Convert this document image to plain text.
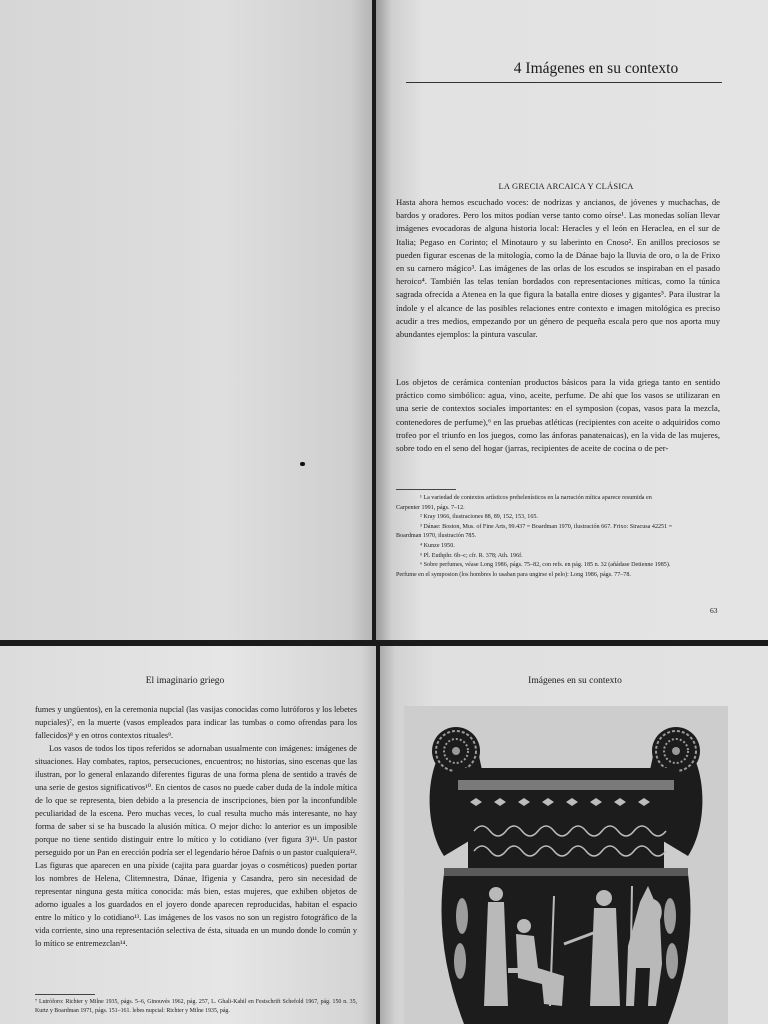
4 Imágenes en su contexto
LA GRECIA ARCAICA Y CLÁSICA
Hasta ahora hemos escuchado voces: de nodrizas y ancianos, de jóvenes y muchachas, de bardos y oradores. Pero los mitos podían verse tanto como oírse¹. Las monedas solían llevar imágenes evocadoras de alguna historia local: Heracles y el león en Heraclea, en el sur de Italia; Pegaso en Corinto; el Minotauro y su laberinto en Cnoso². En anillos preciosos se pueden figurar escenas de la mitología, como la de Dánae bajo la lluvia de oro, o la de Frixo en su carnero mágico³. Las imágenes de las orlas de los escudos se inspiraban en el pasado heroico⁴. También las telas tenían bordados con representaciones míticas, como la túnica sagrada ofrecida a Atenea en la que figura la batalla entre dioses y gigantes⁵. Para ilustrar la índole y el alcance de las posibles relaciones entre contexto e imagen mitológica es preciso acudir a tres medios, empezando por un género de pequeña escala pero que nos aporta muy abundantes ejemplos: la pintura vascular.
Los objetos de cerámica contenían productos básicos para la vida griega tanto en sentido práctico como simbólico: agua, vino, aceite, perfume. De ahí que los vasos se utilizaran en una serie de contextos sociales importantes: en el symposion (copas, vasos para la mezcla, contenedores de perfume),⁶ en las pruebas atléticas (recipientes con aceite o adquiridos como trofeo por el triunfo en los juegos, como las ánforas panatenaicas), en la vida de las mujeres, sobre todo en el seno del hogar (jarras, recipientes de aceite de cocina o de per-
¹ La variedad de contextos artísticos prehelenísticos en la narración mítica aparece resumida en
Carpenter 1991, págs. 7–12.
² Kray 1966, ilustraciones 88, 89, 152, 153, 165.
³ Dánae: Boston, Mus. of Fine Arts, 99.437 = Boardman 1970, ilustración 667. Frixo: Siracusa 42251 =
Boardman 1970, ilustración 785.
⁴ Kunze 1950.
⁵ Pl. Euthphr. 6b–c; cfr. R. 378; Ath. 196f.
⁶ Sobre perfumes, véase Long 1986, págs. 75–82, con refs. en pág. 185 n. 32 (añádase Detienne 1985).
Perfume en el symposion (los hombres lo usaban para ungirse el pelo): Long 1986, págs. 77–78.
63
El imaginario griego
fumes y ungüentos), en la ceremonia nupcial (las vasijas conocidas como lutróforos y los lebetes nupciales)⁷, en la muerte (vasos empleados para indicar las tumbas o como ofrendas para los fallecidos)⁸ y en otros contextos rituales⁹.
Los vasos de todos los tipos referidos se adornaban usualmente con imágenes: imágenes de situaciones. Hay combates, raptos, persecuciones, encuentros; no historias, sino escenas que las ilustran, por lo general enlazando diferentes figuras de una forma plena de sentido a través de una serie de gestos significativos¹⁰. En cientos de casos no puede caber duda de la índole mítica de lo que se representa, bien debido a la presencia de inscripciones, bien por la inconfundible peculiaridad de la escena. Pero muchas veces, lo cual resulta mucho más interesante, no hay forma de saber si se ha buscado la alusión mítica. O mejor dicho: lo anterior es un imposible porque no tiene sentido distinguir entre lo mítico y lo cotidiano (ver figura 3)¹¹. Un pastor perseguido por un Pan en erección podría ser el legendario héroe Dafnis o un pastor cualquiera¹². Las figuras que aparecen en una píxide (cajita para guardar joyas o cosméticos) pueden portar los nombres de Helena, Clitemnestra, Dánae, Ifigenia y Casandra, pero sin necesidad de representar ninguna gesta mítica conocida: más bien, estas mujeres, que exhiben objetos de adorno iguales a los guardados en el joyero donde aparecen reproducidas, habitan el espacio entre lo mítico y lo cotidiano¹³. Las imágenes de los vasos no son un registro fotográfico de la vida corriente, sino una representación selectiva de ésta, situada en un mundo donde lo común y lo mítico se entremezclan¹⁴.
⁷ Lutróforo: Richter y Milne 1935, págs. 5–6, Ginouvès 1962, pág. 257, L. Ghali-Kahil en Festschrift Schefold 1967, pág. 150 n. 35, Kurtz y Boardman 1971, págs. 151–161. lebes nupcial: Richter y Milne 1935, pág.
Imágenes en su contexto
